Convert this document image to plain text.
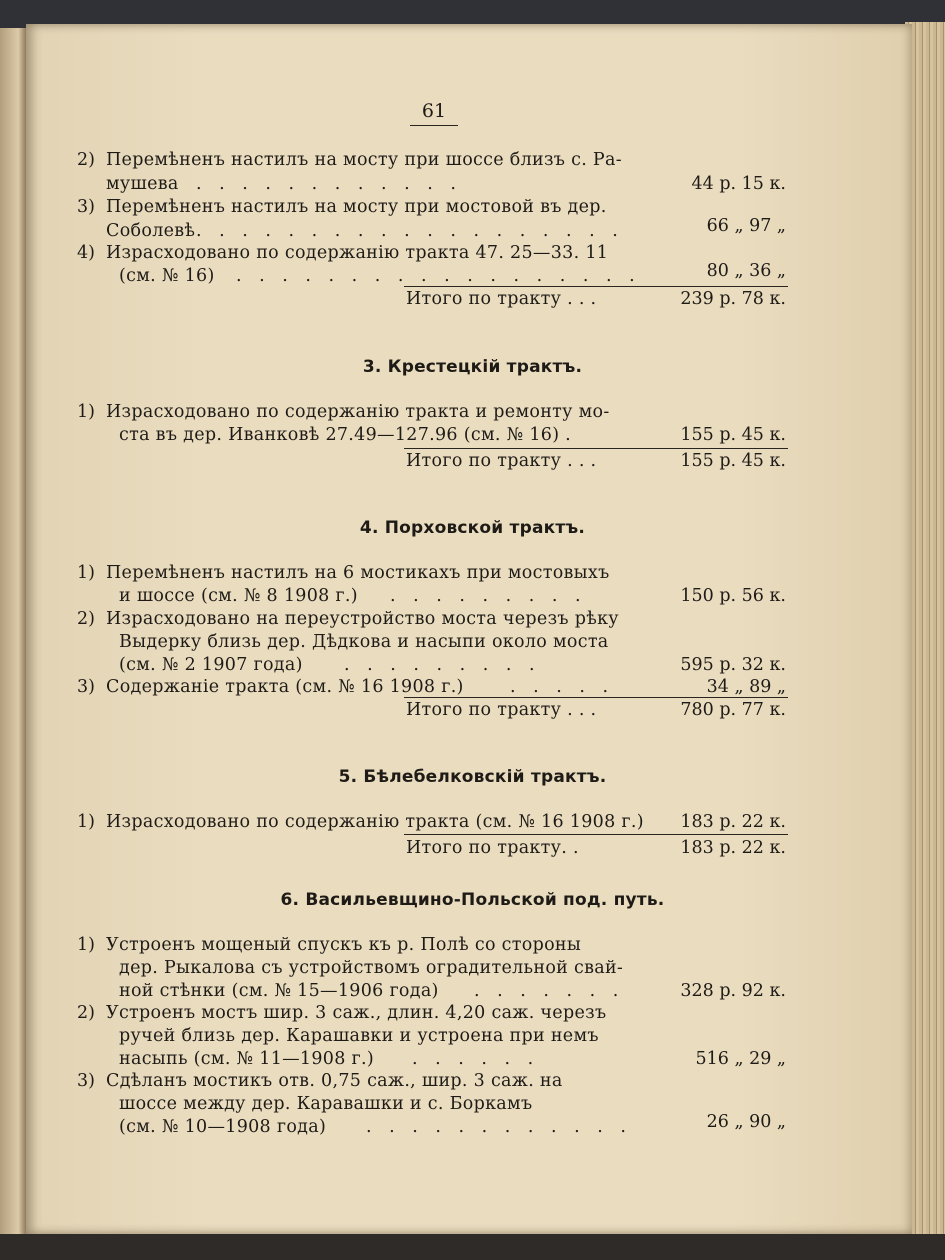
61
2) Перемѣненъ настилъ на мосту при шоссе близъ с. Ра-
мушева . . . . . . . . . . . .	44 р. 15 к.
3) Перемѣненъ настилъ на мосту при мостовой въ дер.
Соболевѣ . . . . . . . . . . . . . . . . . . .	66 „ 97 „
4) Израсходовано по содержанію тракта 47. 25—33. 11
(см. № 16) . . . . . . . . . . . . . . . . . .	80 „ 36 „
Итого по тракту . . .	239 р. 78 к.
3. Крестецкій трактъ.
1) Израсходовано по содержанію тракта и ремонту мо-
ста въ дер. Иванковѣ 27.49—127.96 (см. № 16) .	155 р. 45 к.
Итого по тракту . . .	155 р. 45 к.
4. Порховской трактъ.
1) Перемѣненъ настилъ на 6 мостикахъ при мостовыхъ
и шоссе (см. № 8 1908 г.) . . . . . . . . .	150 р. 56 к.
2) Израсходовано на переустройство моста черезъ рѣку
Выдерку близь дер. Дѣдкова и насыпи около моста
(см. № 2 1907 года) . . . . . . . . .	595 р. 32 к.
3) Содержаніе тракта (см. № 16 1908 г.)	. . . . .	34 „ 89 „
Итого по тракту . . .	780 р. 77 к.
5. Бѣлебелковскій трактъ.
1) Израсходовано по содержанію тракта (см. № 16 1908 г.)	183 р. 22 к.
Итого по тракту. .	183 р. 22 к.
6. Васильевщино-Польской под. путь.
1) Устроенъ мощеный спускъ къ р. Полѣ со стороны
дер. Рыкалова съ устройствомъ оградительной свай-
ной стѣнки (см. № 15—1906 года) . . . . . . .	328 р. 92 к.
2) Устроенъ мостъ шир. 3 саж., длин. 4,20 саж. черезъ
ручей близь дер. Карашавки и устроена при немъ
насыпь (см. № 11—1908 г.) . . . . . .	516 „ 29 „
3) Сдѣланъ мостикъ отв. 0,75 саж., шир. 3 саж. на
шоссе между дер. Каравашки и с. Боркамъ
(см. № 10—1908 года) . . . . . . . . . . . .	26 „ 90 „
